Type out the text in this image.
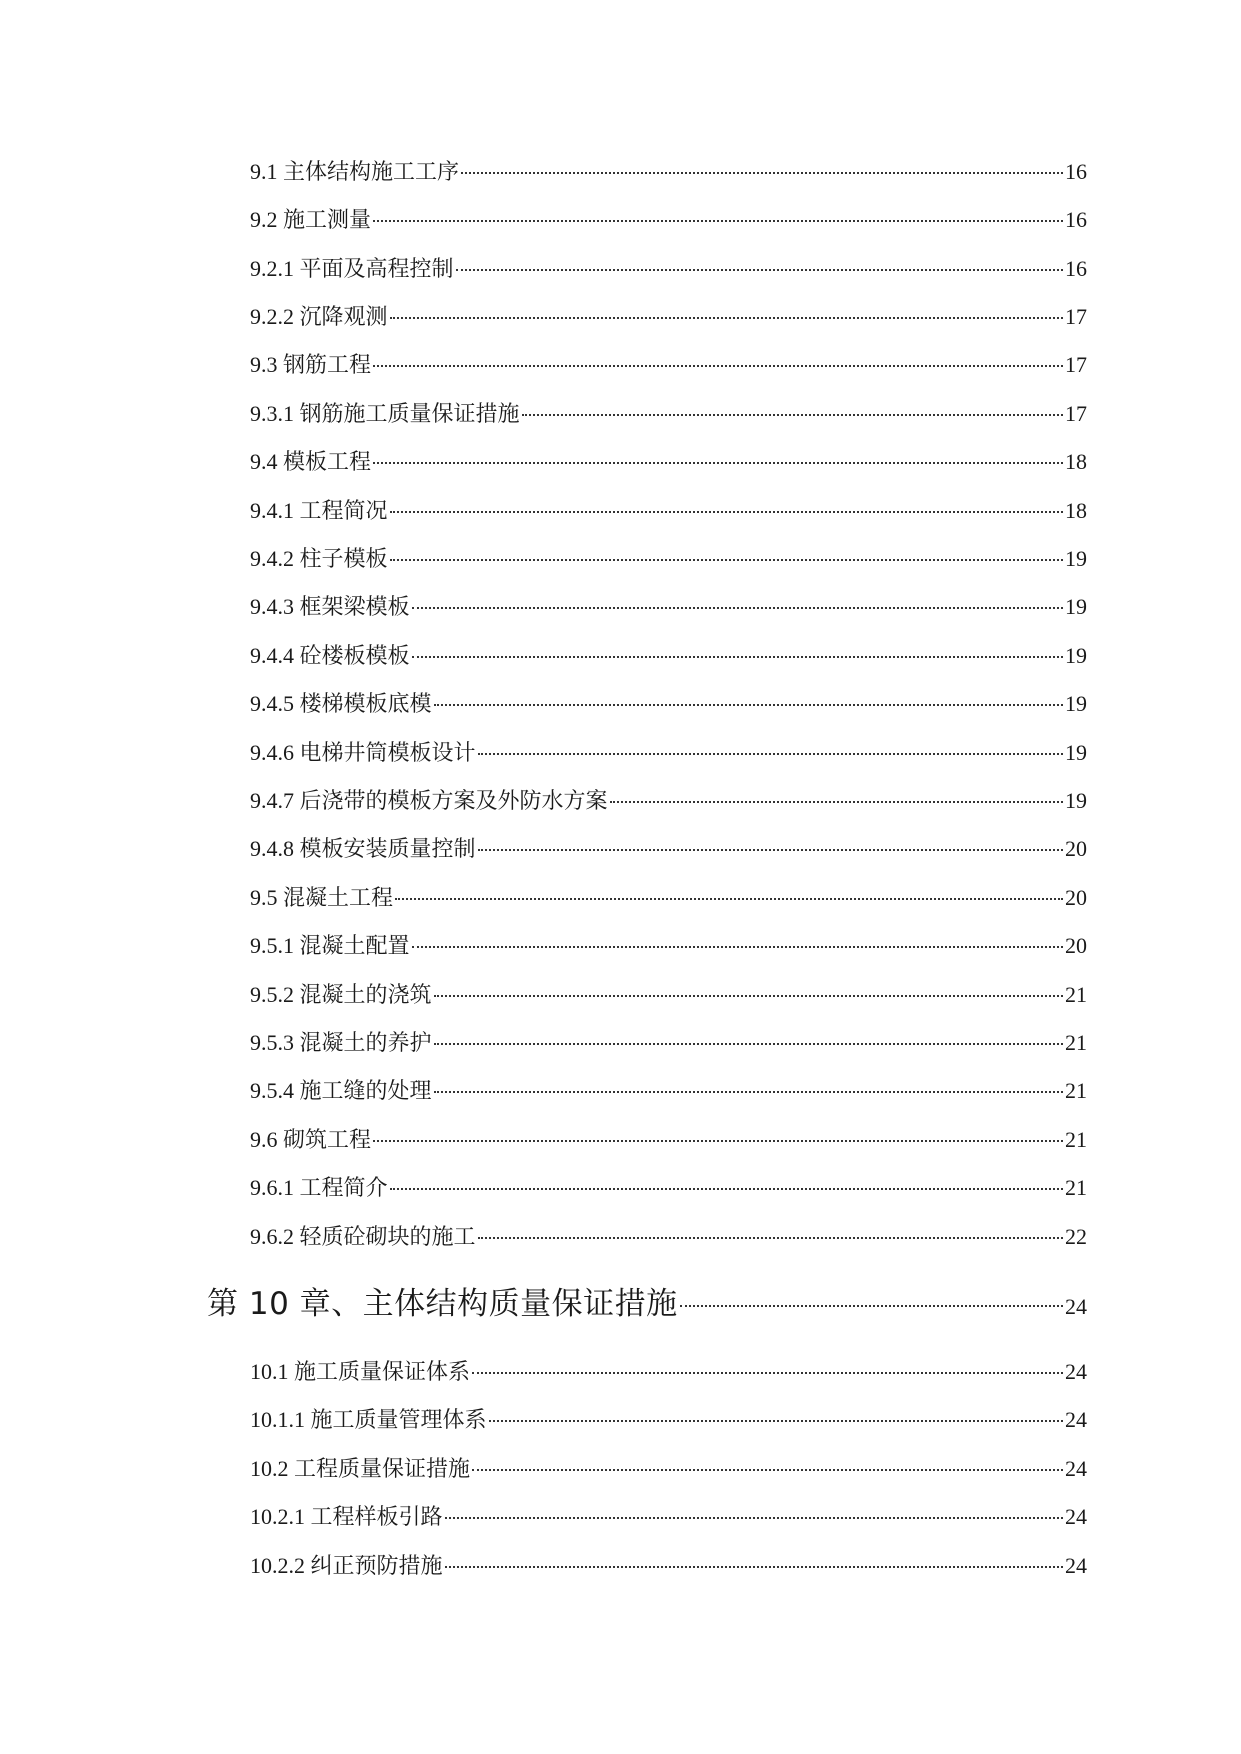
9.1 主体结构施工工序	16
9.2 施工测量	16
9.2.1 平面及高程控制	16
9.2.2 沉降观测	17
9.3 钢筋工程	17
9.3.1 钢筋施工质量保证措施	17
9.4 模板工程	18
9.4.1 工程简况	18
9.4.2 柱子模板	19
9.4.3 框架梁模板	19
9.4.4 砼楼板模板	19
9.4.5 楼梯模板底模	19
9.4.6 电梯井筒模板设计	19
9.4.7 后浇带的模板方案及外防水方案	19
9.4.8 模板安装质量控制	20
9.5 混凝土工程	20
9.5.1 混凝土配置	20
9.5.2 混凝土的浇筑	21
9.5.3 混凝土的养护	21
9.5.4 施工缝的处理	21
9.6 砌筑工程	21
9.6.1 工程简介	21
9.6.2 轻质砼砌块的施工	22
第 10 章、主体结构质量保证措施	24
10.1 施工质量保证体系	24
10.1.1 施工质量管理体系	24
10.2 工程质量保证措施	24
10.2.1 工程样板引路	24
10.2.2 纠正预防措施	24
